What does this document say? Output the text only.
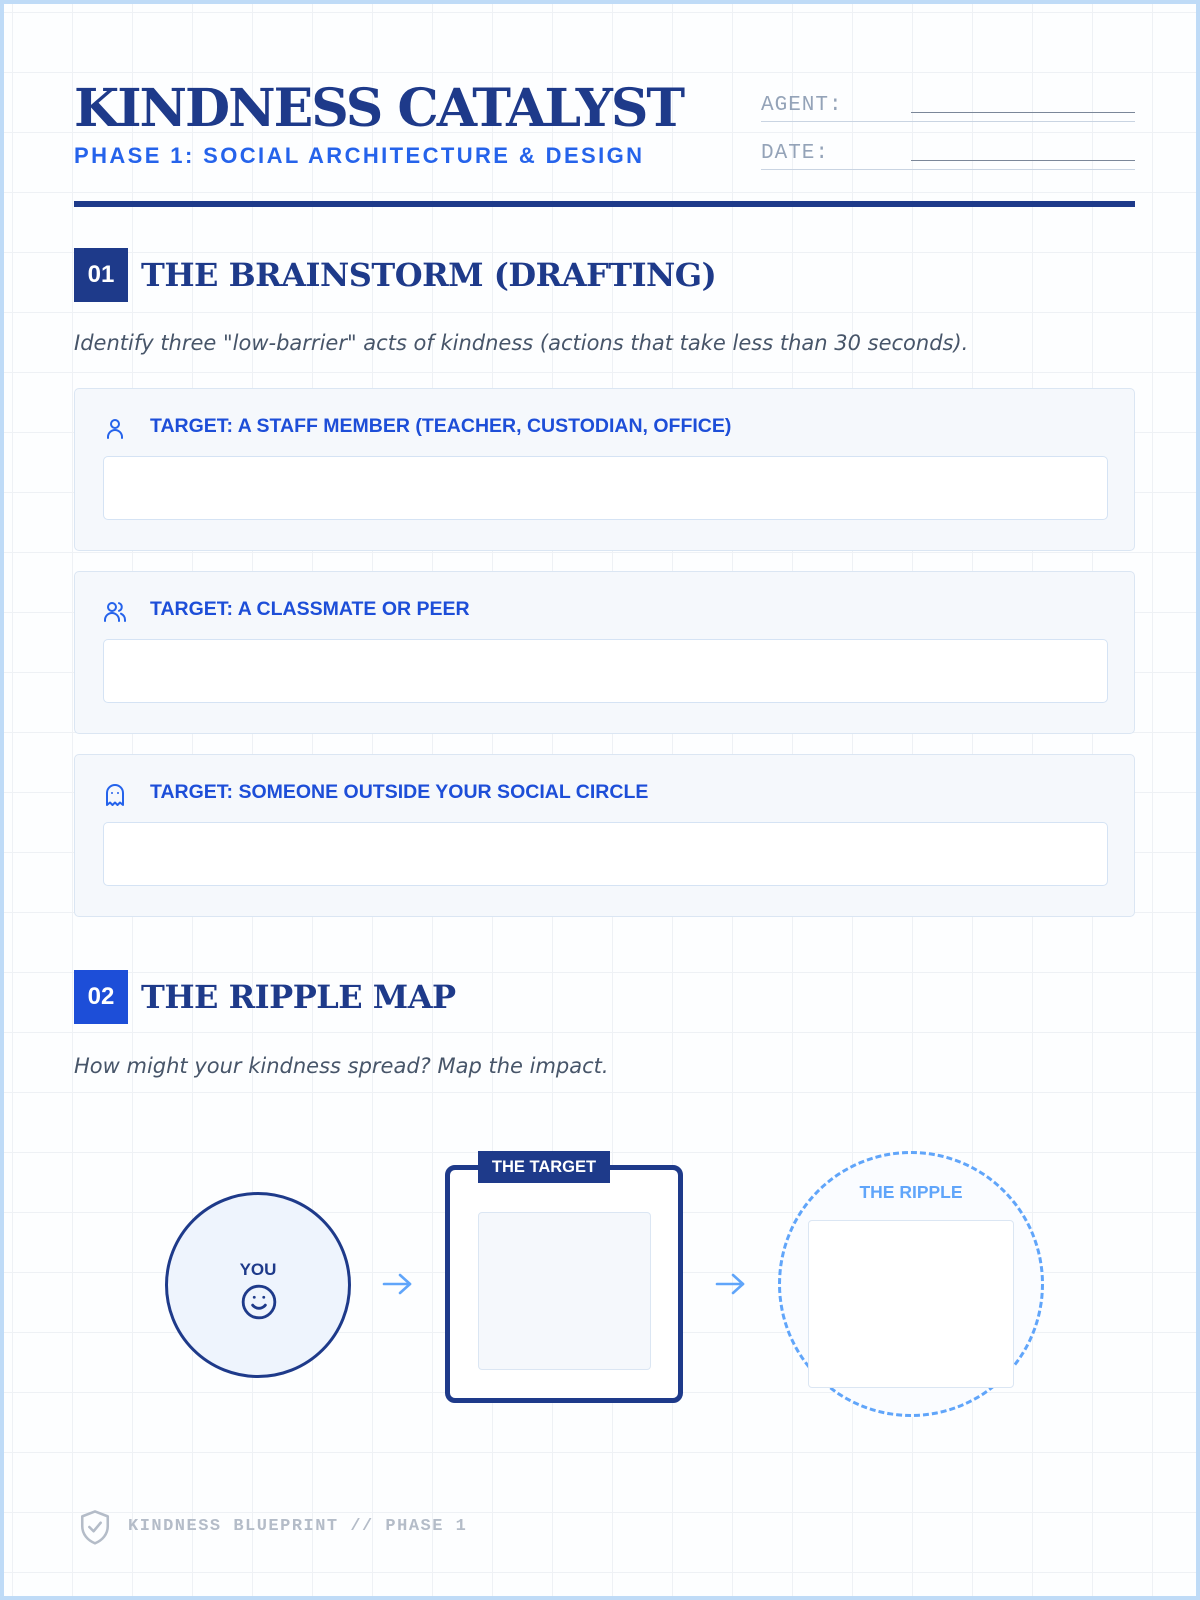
KINDNESS CATALYST
PHASE 1: SOCIAL ARCHITECTURE & DESIGN
AGENT:
DATE:
01 THE BRAINSTORM (DRAFTING)
Identify three "low-barrier" acts of kindness (actions that take less than 30 seconds).
TARGET: A STAFF MEMBER (TEACHER, CUSTODIAN, OFFICE)
TARGET: A CLASSMATE OR PEER
TARGET: SOMEONE OUTSIDE YOUR SOCIAL CIRCLE
02 THE RIPPLE MAP
How might your kindness spread? Map the impact.
YOU
THE TARGET
THE RIPPLE
KINDNESS BLUEPRINT // PHASE 1
